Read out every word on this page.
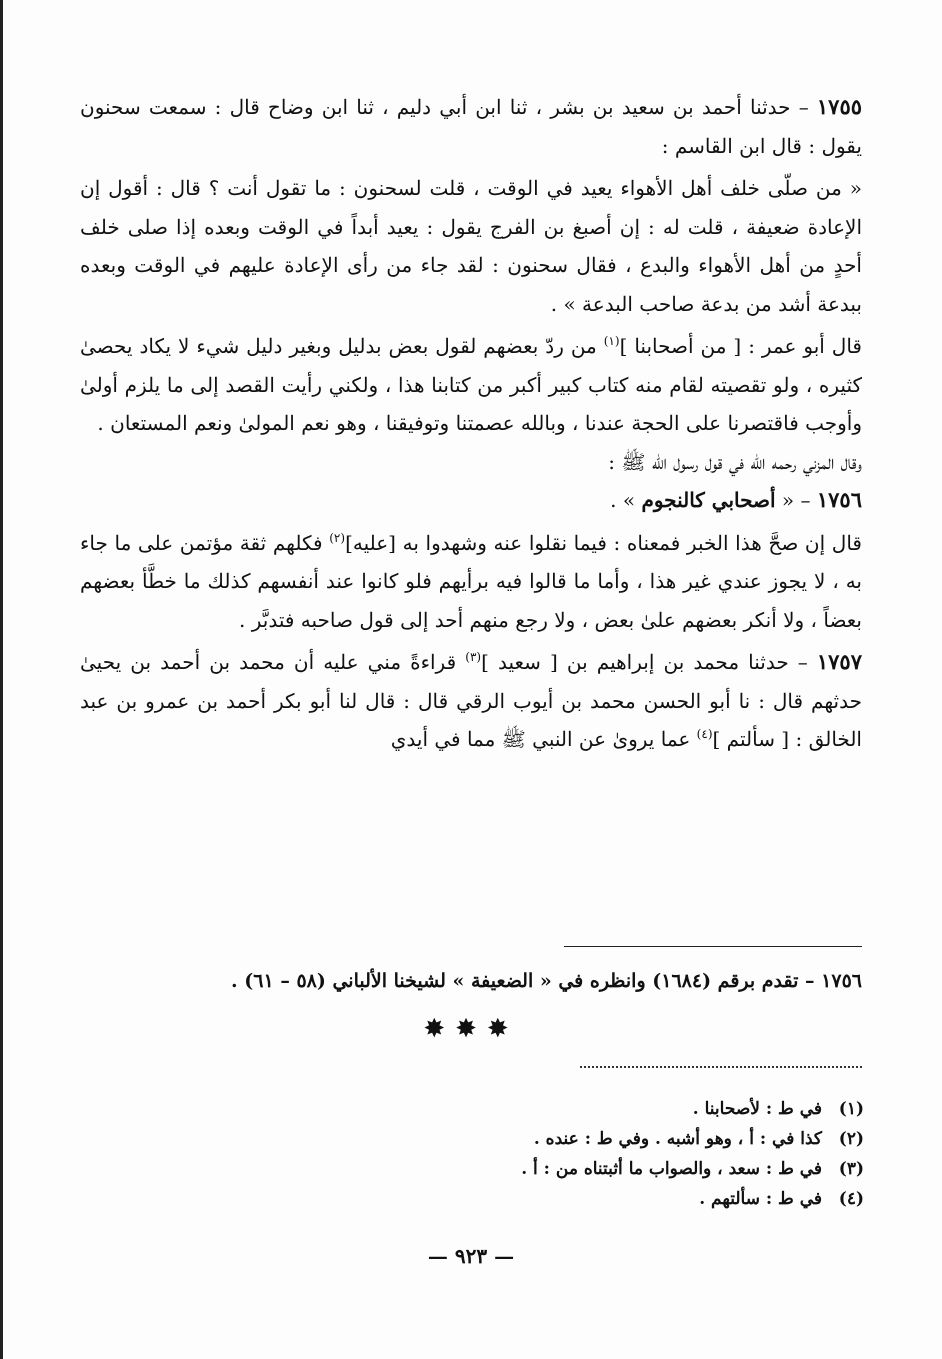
١٧٥٥ – حدثنا أحمد بن سعيد بن بشر ، ثنا ابن أبي دليم ، ثنا ابن وضاح قال : سمعت سحنون يقول : قال ابن القاسم :

« من صلّى خلف أهل الأهواء يعيد في الوقت ، قلت لسحنون : ما تقول أنت ؟ قال : أقول إن الإعادة ضعيفة ، قلت له : إن أصبغ بن الفرج يقول : يعيد أبداً في الوقت وبعده إذا صلى خلف أحدٍ من أهل الأهواء والبدع ، فقال سحنون : لقد جاء من رأى الإعادة عليهم في الوقت وبعده ببدعة أشد من بدعة صاحب البدعة » .

قال أبو عمر : [ من أصحابنا ]$^{(١)}$ من ردّ بعضهم لقول بعض بدليل وبغير دليل شيء لا يكاد يحصىٰ كثيره ، ولو تقصيته لقام منه كتاب كبير أكبر من كتابنا هذا ، ولكني رأيت القصد إلى ما يلزم أولىٰ وأوجب فاقتصرنا على الحجة عندنا ، وبالله عصمتنا وتوفيقنا ، وهو نعم المولىٰ ونعم المستعان .

وقال المزني رحمه الله في قول رسول الله ﷺ :

١٧٥٦ – « أصحابي كالنجوم » .

قال إن صحَّ هذا الخبر فمعناه : فيما نقلوا عنه وشهدوا به [عليه]$^{(٢)}$ فكلهم ثقة مؤتمن على ما جاء به ، لا يجوز عندي غير هذا ، وأما ما قالوا فيه برأيهم فلو كانوا عند أنفسهم كذلك ما خطَّأ بعضهم بعضاً ، ولا أنكر بعضهم علىٰ بعض ، ولا رجع منهم أحد إلى قول صاحبه فتدبَّر .

١٧٥٧ – حدثنا محمد بن إبراهيم بن [ سعيد ]$^{(٣)}$ قراءةً مني عليه أن محمد بن أحمد بن يحيىٰ حدثهم قال : نا أبو الحسن محمد بن أيوب الرقي قال : قال لنا أبو بكر أحمد بن عمرو بن عبد الخالق : [ سألتم ]$^{(٤)}$ عما يروىٰ عن النبي ﷺ مما في أيدي

١٧٥٦ – تقدم برقم (١٦٨٤) وانظره في « الضعيفة » لشيخنا الألباني (٥٨ – ٦١) .
✸✸✸
(١)
في ط : لأصحابنا .
(٢)
كذا في : أ ، وهو أشبه . وفي ط : عنده .
(٣)
في ط : سعد ، والصواب ما أثبتناه من : أ .
(٤)
في ط : سألتهم .
— ٩٢٣ —
